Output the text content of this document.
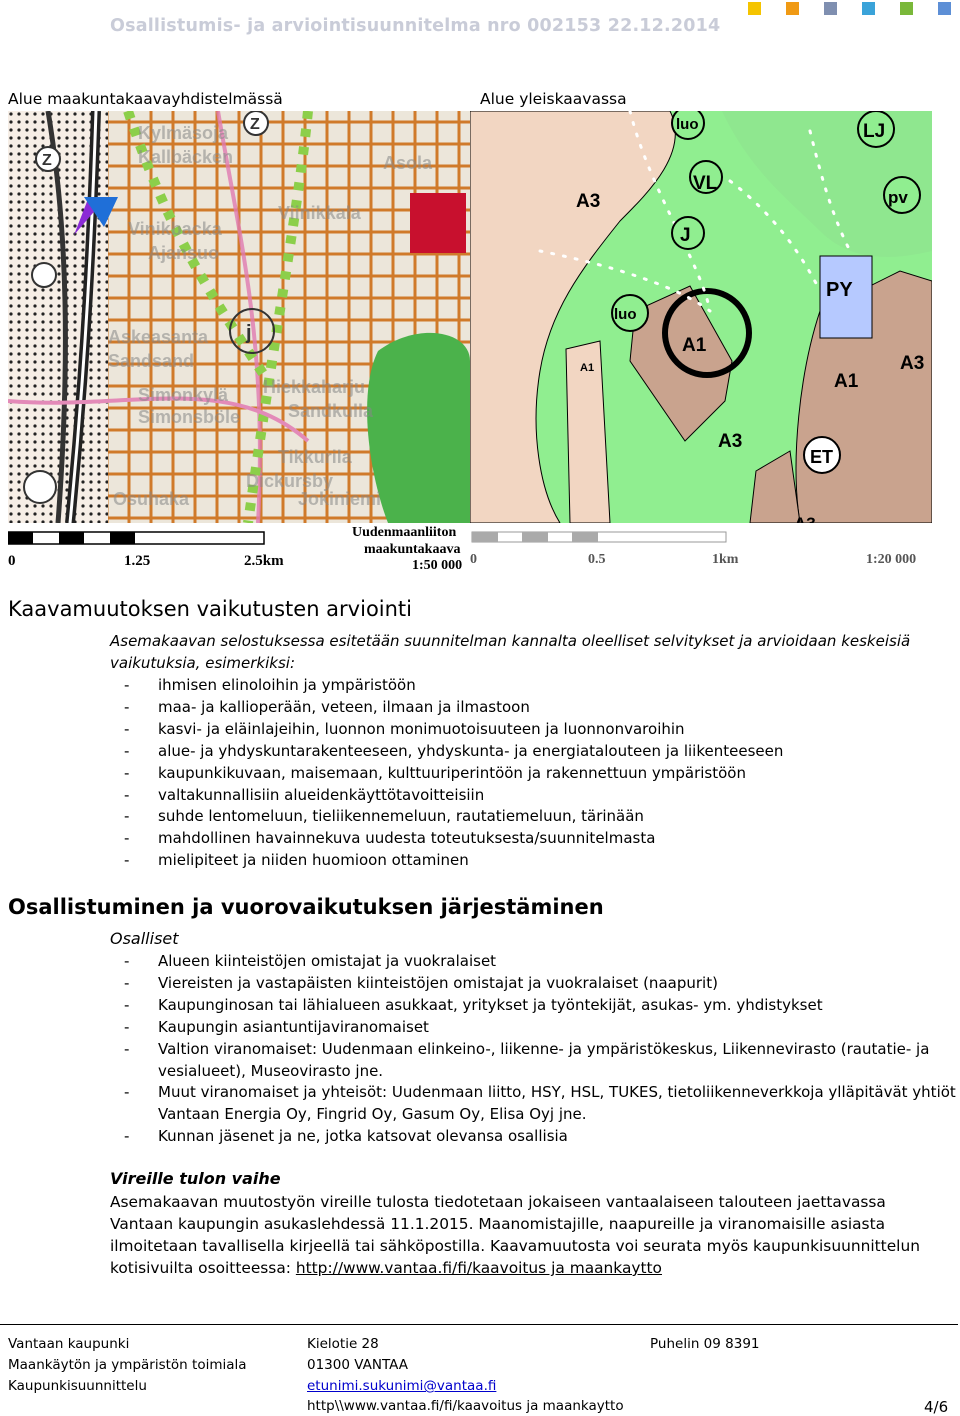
Osallistumis- ja arviointisuunnitelma nro 002153 22.12.2014
Alue maakuntakaavayhdistelmässä	Alue yleiskaavassa
Z
Z
j
Kylmäsoja
Kallbäcken	Asola
Viinikkala
Vinikbacka
Ajansuo
Askeasanta
Sandsand
Simonkylä
Simonsböle
Hiekkaharju
Sandkulla
Tikkurila
Dickursby
Jokiniemi
Osuhaka
0	1.25	2.5km
Uudenmaanliiton
maakuntakaava
1:50 000
luo	LJ
VL
pv
A3
J
PY
luo
A1
A1
A1
A3
A3
ET
0	0.5	1km	1:20 000
Kaavamuutoksen vaikutusten arviointi
Asemakaavan selostuksessa esitetään suunnitelman kannalta oleelliset selvitykset ja arvioidaan keskeisiä vaikutuksia, esimerkiksi:
- ihmisen elinoloihin ja ympäristöön
- maa- ja kallioperään, veteen, ilmaan ja ilmastoon
- kasvi- ja eläinlajeihin, luonnon monimuotoisuuteen ja luonnonvaroihin
- alue- ja yhdyskuntarakenteeseen, yhdyskunta- ja energiatalouteen ja liikenteeseen
- kaupunkikuvaan, maisemaan, kulttuuriperintöön ja rakennettuun ympäristöön
- valtakunnallisiin alueidenkäyttötavoitteisiin
- suhde lentomeluun, tieliikennemeluun, rautatiemeluun, tärinään
- mahdollinen havainnekuva uudesta toteutuksesta/suunnitelmasta
- mielipiteet ja niiden huomioon ottaminen
Osallistuminen ja vuorovaikutuksen järjestäminen
Osalliset
- Alueen kiinteistöjen omistajat ja vuokralaiset
- Viereisten ja vastapäisten kiinteistöjen omistajat ja vuokralaiset (naapurit)
- Kaupunginosan tai lähialueen asukkaat, yritykset ja työntekijät, asukas- ym. yhdistykset
- Kaupungin asiantuntijaviranomaiset
- Valtion viranomaiset: Uudenmaan elinkeino-, liikenne- ja ympäristökeskus, Liikennevirasto (rautatie- ja vesialueet), Museovirasto jne.
- Muut viranomaiset ja yhteisöt: Uudenmaan liitto, HSY, HSL, TUKES, tietoliikenneverkkoja ylläpitävät yhtiöt Vantaan Energia Oy, Fingrid Oy, Gasum Oy, Elisa Oyj jne.
- Kunnan jäsenet ja ne, jotka katsovat olevansa osallisia
Vireille tulon vaihe
Asemakaavan muutostyön vireille tulosta tiedotetaan jokaiseen vantaalaiseen talouteen jaettavassa Vantaan kaupungin asukaslehdessä 11.1.2015. Maanomistajille, naapureille ja viranomaisille asiasta ilmoitetaan tavallisella kirjeellä tai sähköpostilla. Kaavamuutosta voi seurata myös kaupunkisuunnittelun kotisivuilta osoitteessa: http://www.vantaa.fi/fi/kaavoitus ja maankaytto
Vantaan kaupunki
Maankäytön ja ympäristön toimiala
Kaupunkisuunnittelu
Kielotie 28
01300 VANTAA
etunimi.sukunimi@vantaa.fi
http\\www.vantaa.fi/fi/kaavoitus ja maankaytto
Puhelin 09 8391
4/6
